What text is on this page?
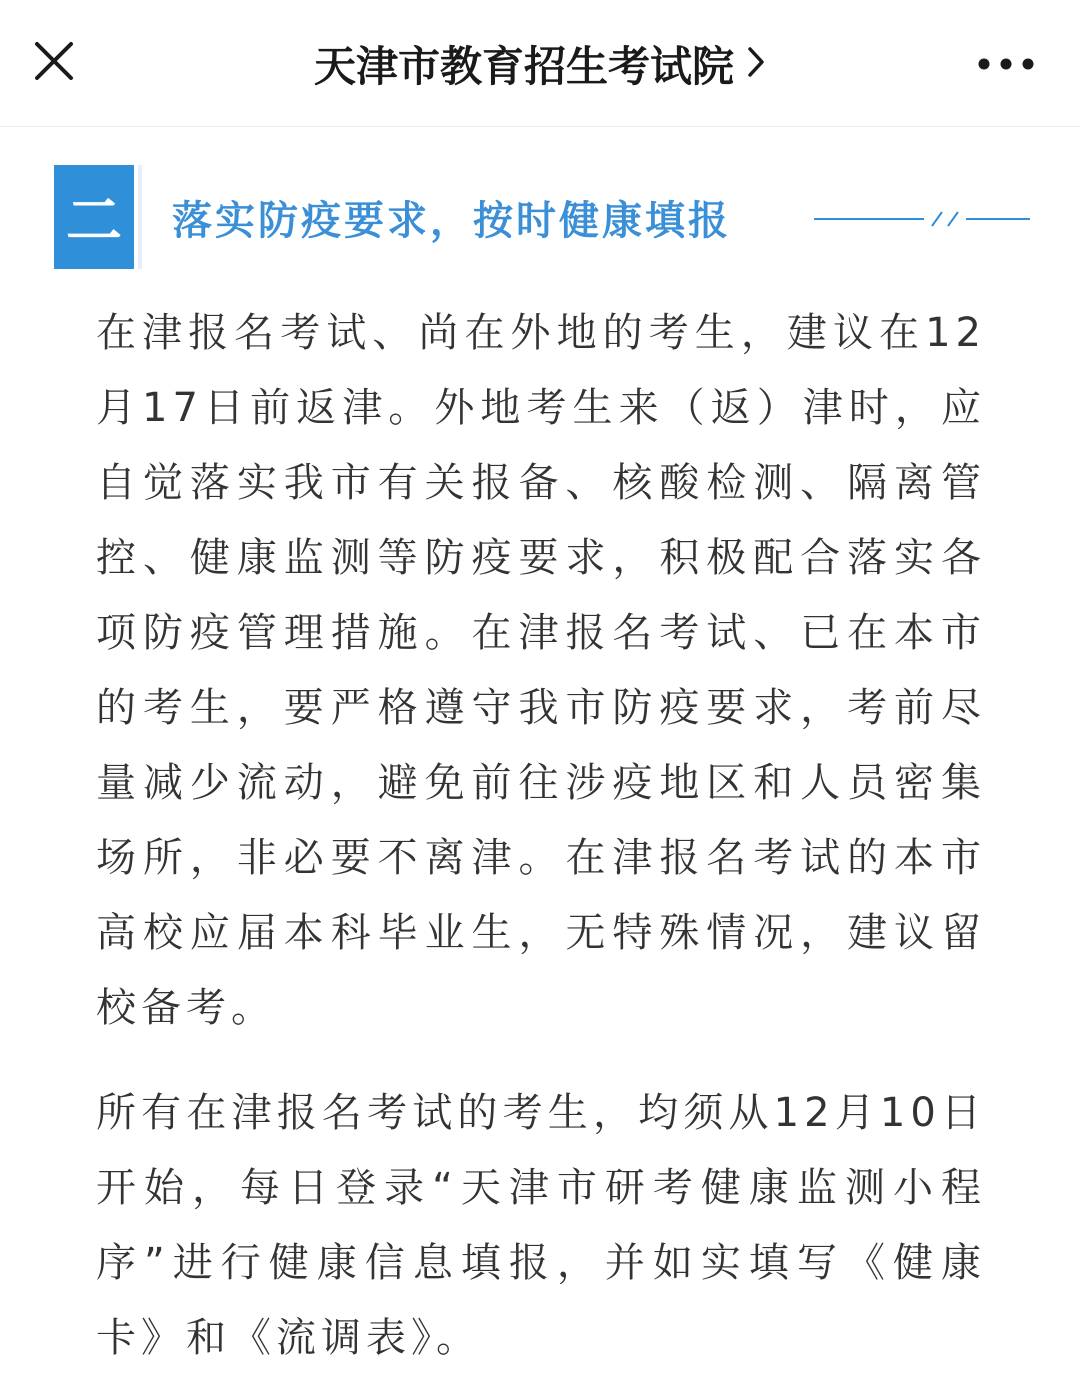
天津市教育招生考试院
二	落实防疫要求，按时健康填报

在津报名考试、尚在外地的考生，建议在12月17日前返津。外地考生来（返）津时，应自觉落实我市有关报备、核酸检测、隔离管控、健康监测等防疫要求，积极配合落实各项防疫管理措施。在津报名考试、已在本市的考生，要严格遵守我市防疫要求，考前尽量减少流动，避免前往涉疫地区和人员密集场所，非必要不离津。在津报名考试的本市高校应届本科毕业生，无特殊情况，建议留校备考。

所有在津报名考试的考生，均须从12月10日开始，每日登录“天津市研考健康监测小程序”进行健康信息填报，并如实填写《健康卡》和《流调表》。
